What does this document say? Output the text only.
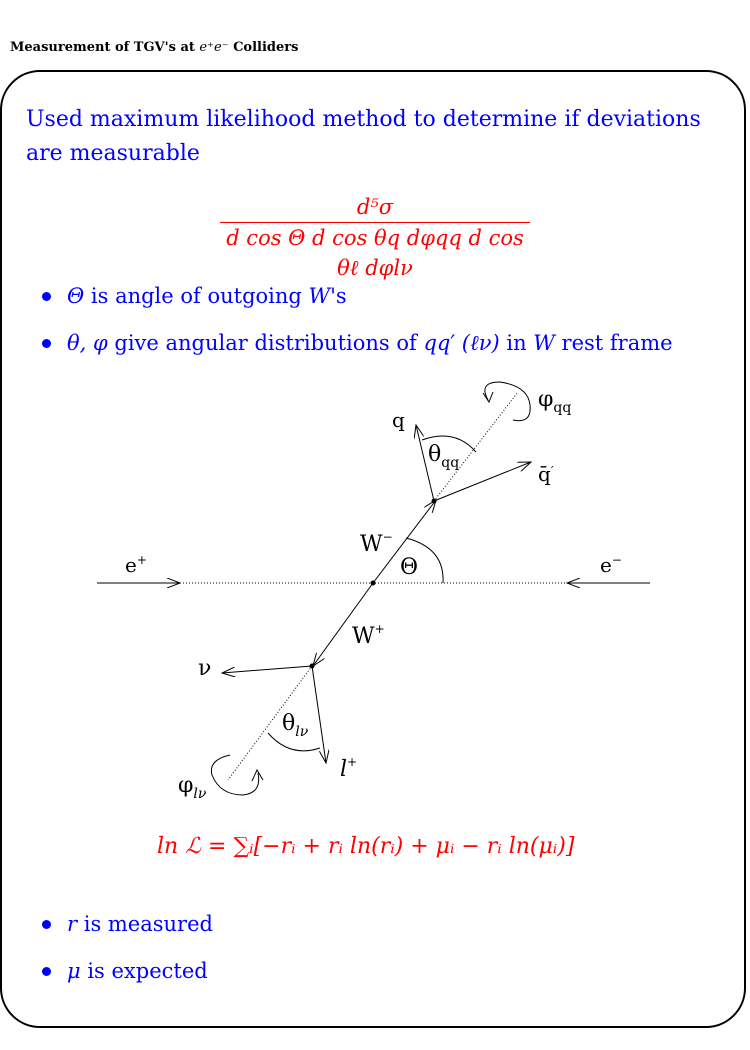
Measurement of TGV's at e⁺e⁻ Colliders
Used maximum likelihood method to determine if deviations are measurable
d⁵σ
d cos Θ d cos θq dφqq d cos θℓ dφlν
Θ is angle of outgoing W's
θ, φ give angular distributions of qq′ (ℓν) in W rest frame
e+	e−
W−
W+
Θ
q
q̄′
$\theta_{qq}$
$\varphi_{qq}$
ν
l+
$\theta_{l\nu}$
$\varphi_{l\nu}$
ln ℒ = ∑ᵢ[−rᵢ + rᵢ ln(rᵢ) + μᵢ − rᵢ ln(μᵢ)]
r is measured
μ is expected
